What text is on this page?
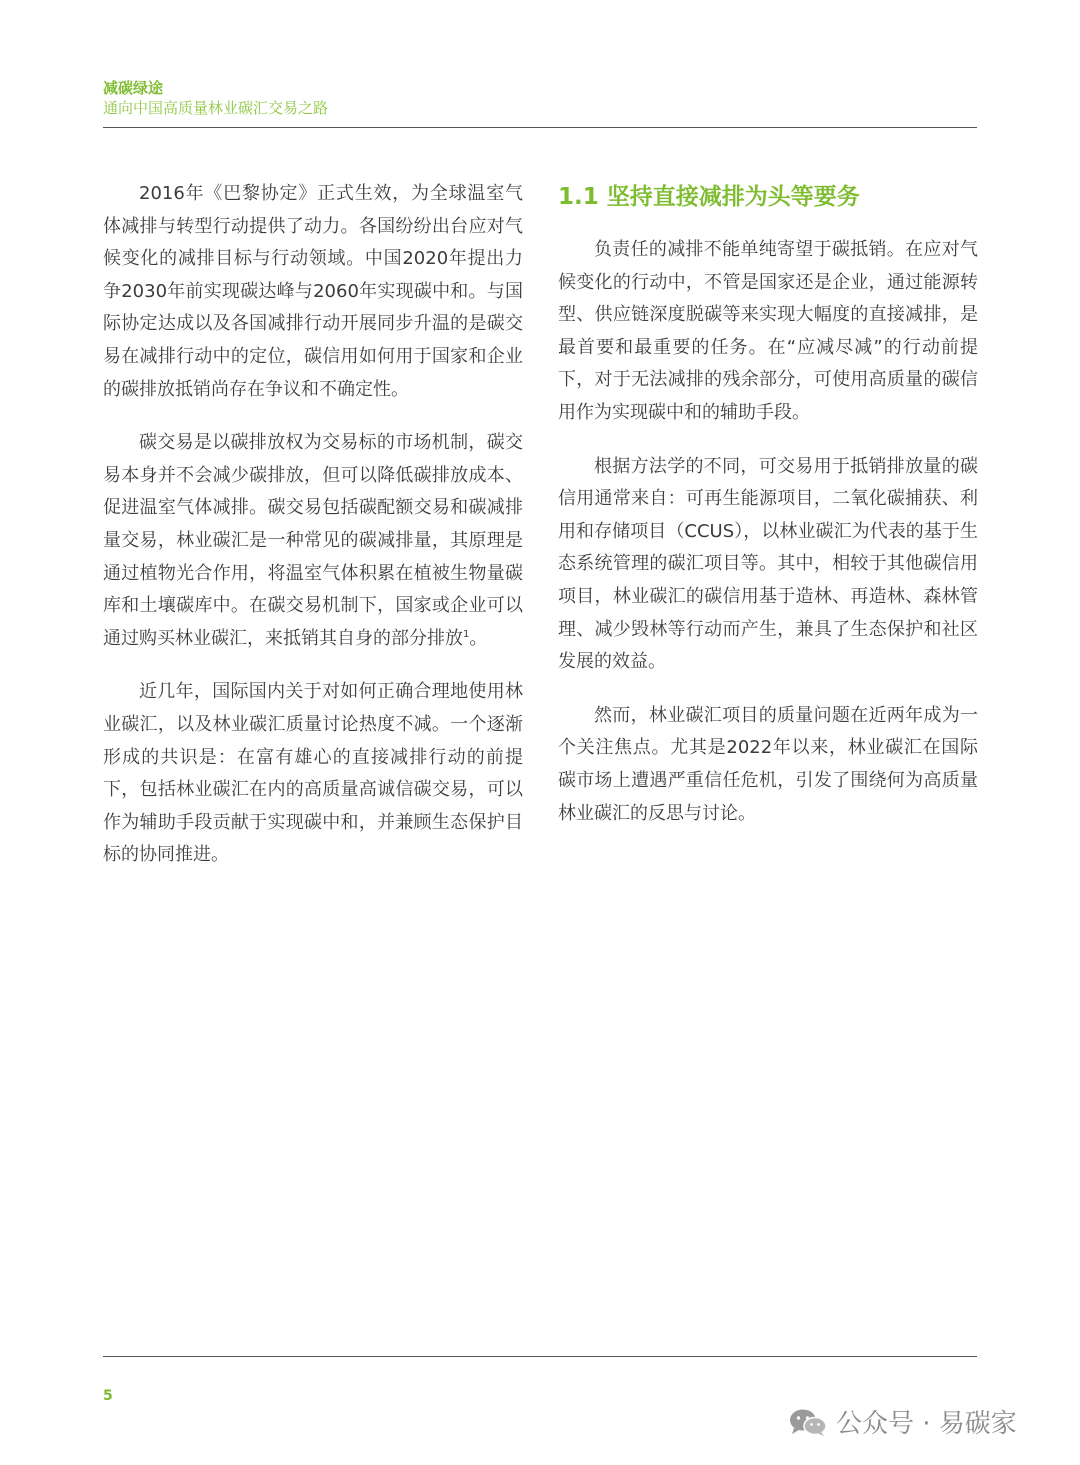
减碳绿途
通向中国高质量林业碳汇交易之路

2016年《巴黎协定》正式生效，为全球温室气体减排与转型行动提供了动力。各国纷纷出台应对气候变化的减排目标与行动领域。中国2020年提出力争2030年前实现碳达峰与2060年实现碳中和。与国际协定达成以及各国减排行动开展同步升温的是碳交易在减排行动中的定位，碳信用如何用于国家和企业的碳排放抵销尚存在争议和不确定性。

碳交易是以碳排放权为交易标的市场机制，碳交易本身并不会减少碳排放，但可以降低碳排放成本、促进温室气体减排。碳交易包括碳配额交易和碳减排量交易，林业碳汇是一种常见的碳减排量，其原理是通过植物光合作用，将温室气体积累在植被生物量碳库和土壤碳库中。在碳交易机制下，国家或企业可以通过购买林业碳汇，来抵销其自身的部分排放$^1$。

近几年，国际国内关于对如何正确合理地使用林业碳汇，以及林业碳汇质量讨论热度不减。一个逐渐形成的共识是：在富有雄心的直接减排行动的前提下，包括林业碳汇在内的高质量高诚信碳交易，可以作为辅助手段贡献于实现碳中和，并兼顾生态保护目标的协同推进。

1.1 坚持直接减排为头等要务

负责任的减排不能单纯寄望于碳抵销。在应对气候变化的行动中，不管是国家还是企业，通过能源转型、供应链深度脱碳等来实现大幅度的直接减排，是最首要和最重要的任务。在“应减尽减”的行动前提下，对于无法减排的残余部分，可使用高质量的碳信用作为实现碳中和的辅助手段。

根据方法学的不同，可交易用于抵销排放量的碳信用通常来自：可再生能源项目，二氧化碳捕获、利用和存储项目（CCUS），以林业碳汇为代表的基于生态系统管理的碳汇项目等。其中，相较于其他碳信用项目，林业碳汇的碳信用基于造林、再造林、森林管理、减少毁林等行动而产生，兼具了生态保护和社区发展的效益。

然而，林业碳汇项目的质量问题在近两年成为一个关注焦点。尤其是2022年以来，林业碳汇在国际碳市场上遭遇严重信任危机，引发了围绕何为高质量林业碳汇的反思与讨论。

5
公众号 · 易碳家
